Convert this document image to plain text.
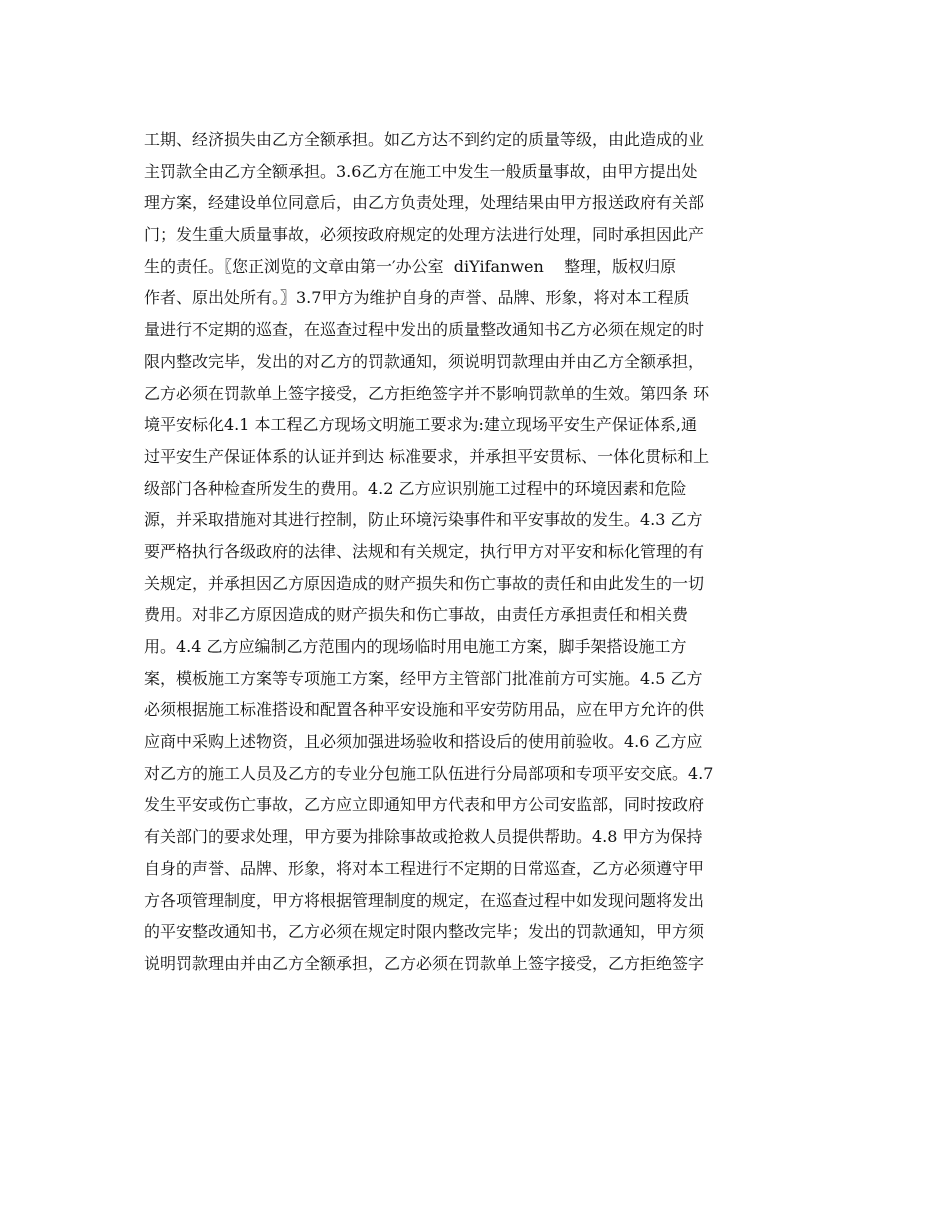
工期、经济损失由乙方全额承担。如乙方达不到约定的质量等级，由此造成的业
主罚款全由乙方全额承担。3.6乙方在施工中发生一般质量事故，由甲方提出处
理方案，经建设单位同意后，由乙方负责处理，处理结果由甲方报送政府有关部
门；发生重大质量事故，必须按政府规定的处理方法进行处理，同时承担因此产
生的责任。〖您正浏览的文章由第一′办公室  diYifanwen    整理，版权归原
作者、原出处所有。〗3.7甲方为维护自身的声誉、品牌、形象，将对本工程质
量进行不定期的巡查，在巡查过程中发出的质量整改通知书乙方必须在规定的时
限内整改完毕，发出的对乙方的罚款通知，须说明罚款理由并由乙方全额承担，
乙方必须在罚款单上签字接受，乙方拒绝签字并不影响罚款单的生效。第四条 环
境平安标化4.1 本工程乙方现场文明施工要求为:建立现场平安生产保证体系,通
过平安生产保证体系的认证并到达 标准要求，并承担平安贯标、一体化贯标和上
级部门各种检查所发生的费用。4.2 乙方应识别施工过程中的环境因素和危险
源，并采取措施对其进行控制，防止环境污染事件和平安事故的发生。4.3 乙方
要严格执行各级政府的法律、法规和有关规定，执行甲方对平安和标化管理的有
关规定，并承担因乙方原因造成的财产损失和伤亡事故的责任和由此发生的一切
费用。对非乙方原因造成的财产损失和伤亡事故，由责任方承担责任和相关费
用。4.4 乙方应编制乙方范围内的现场临时用电施工方案，脚手架搭设施工方
案，模板施工方案等专项施工方案，经甲方主管部门批准前方可实施。4.5 乙方
必须根据施工标准搭设和配置各种平安设施和平安劳防用品，应在甲方允许的供
应商中采购上述物资，且必须加强进场验收和搭设后的使用前验收。4.6 乙方应
对乙方的施工人员及乙方的专业分包施工队伍进行分局部项和专项平安交底。4.7
发生平安或伤亡事故，乙方应立即通知甲方代表和甲方公司安监部，同时按政府
有关部门的要求处理，甲方要为排除事故或抢救人员提供帮助。4.8 甲方为保持
自身的声誉、品牌、形象，将对本工程进行不定期的日常巡查，乙方必须遵守甲
方各项管理制度，甲方将根据管理制度的规定，在巡查过程中如发现问题将发出
的平安整改通知书，乙方必须在规定时限内整改完毕；发出的罚款通知，甲方须
说明罚款理由并由乙方全额承担，乙方必须在罚款单上签字接受，乙方拒绝签字
